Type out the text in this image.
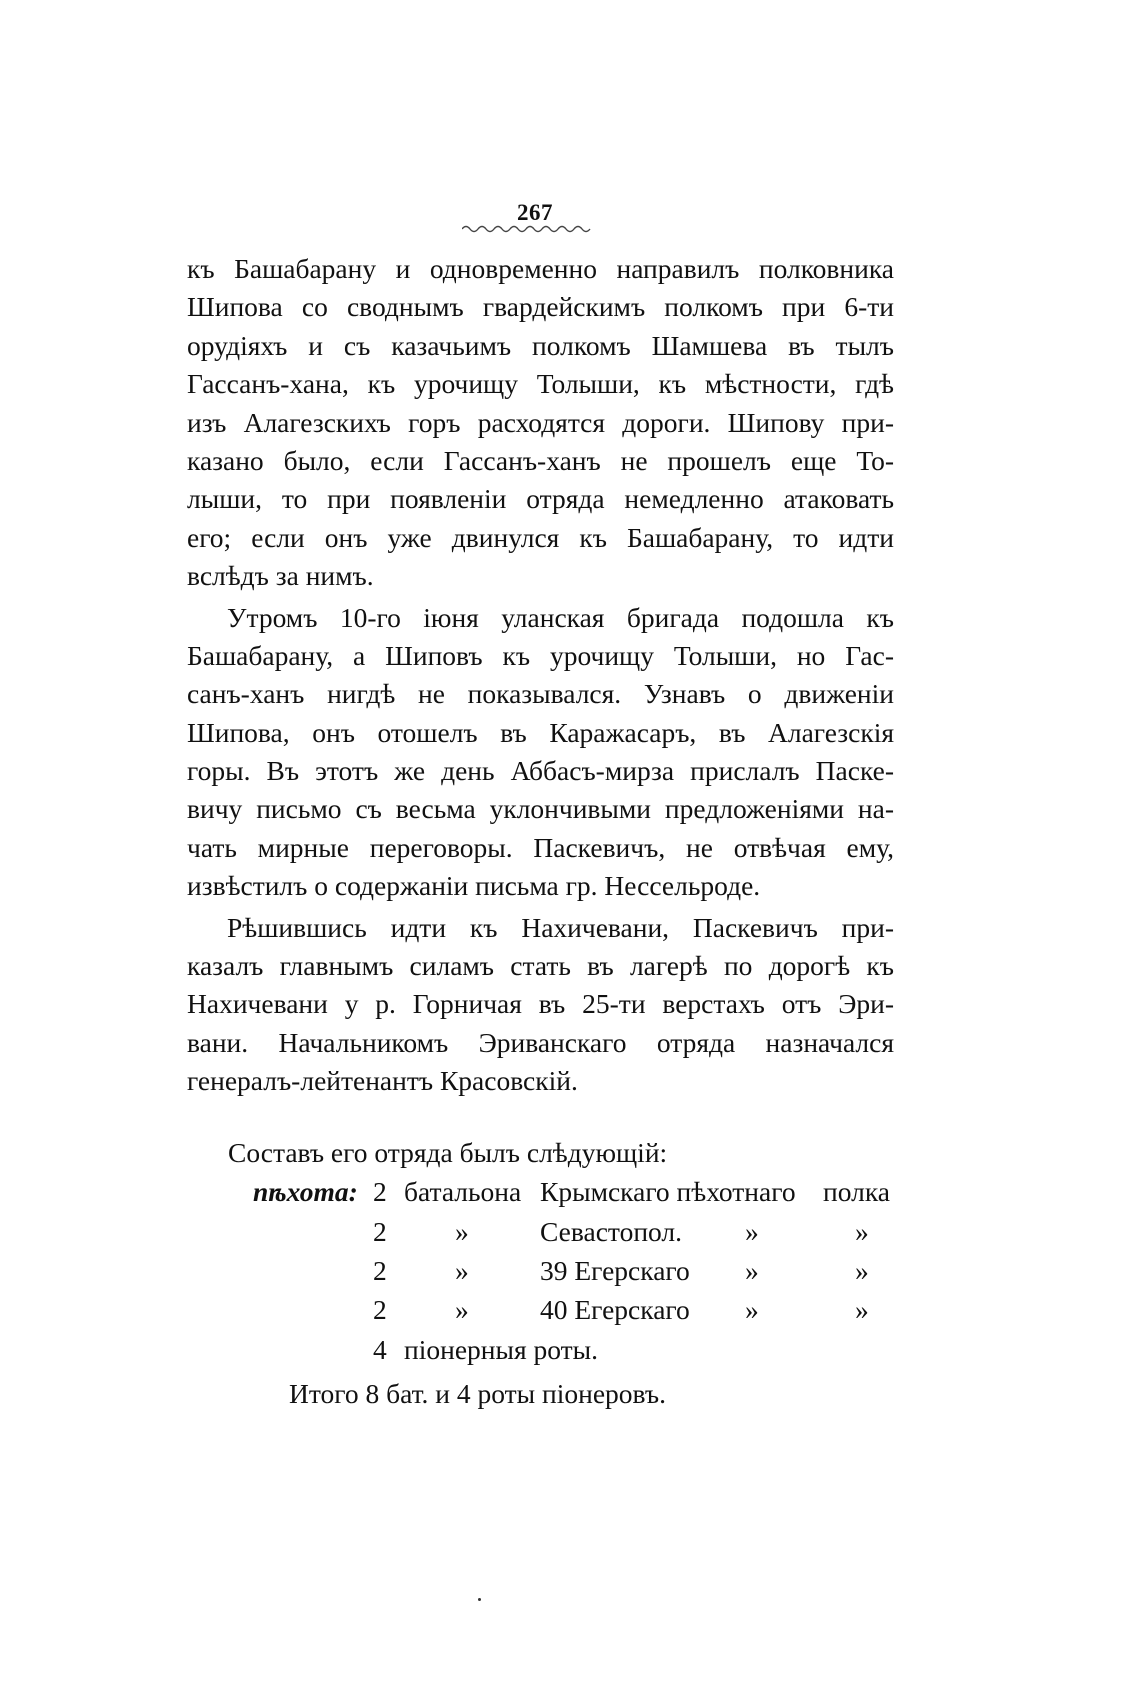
267
къ Башабарану и одновременно направилъ полковника
Шипова со своднымъ гвардейскимъ полкомъ при 6-ти
орудіяхъ и съ казачьимъ полкомъ Шамшева въ тылъ
Гассанъ-хана, къ урочищу Толыши, къ мѣстности, гдѣ
изъ Алагезскихъ горъ расходятся дороги. Шипову при-
казано было, если Гассанъ-ханъ не прошелъ еще То-
лыши, то при появленіи отряда немедленно атаковать
его; если онъ уже двинулся къ Башабарану, то идти
вслѣдъ за нимъ.
Утромъ 10-го іюня уланская бригада подошла къ
Башабарану, а Шиповъ къ урочищу Толыши, но Гас-
санъ-ханъ нигдѣ не показывался. Узнавъ о движеніи
Шипова, онъ отошелъ въ Каражасаръ, въ Алагезскія
горы. Въ этотъ же день Аббасъ-мирза прислалъ Паске-
вичу письмо съ весьма уклончивыми предложеніями на-
чать мирные переговоры. Паскевичъ, не отвѣчая ему,
извѣстилъ о содержаніи письма гр. Нессельроде.
Рѣшившись идти къ Нахичевани, Паскевичъ при-
казалъ главнымъ силамъ стать въ лагерѣ по дорогѣ къ
Нахичевани у р. Горничая въ 25-ти верстахъ отъ Эри-
вани. Начальникомъ Эриванскаго отряда назначался
генералъ-лейтенантъ Красовскій.
Составъ его отряда былъ слѣдующій:
пѣхота: 2 батальона Крымскаго пѣхотнаго полка
2 »	Севастопол. »	»
2 »	39 Егерскаго »	»
2 »	40 Егерскаго »	»
4 піонерныя роты.
Итого 8 бат. и 4 роты піонеровъ.
